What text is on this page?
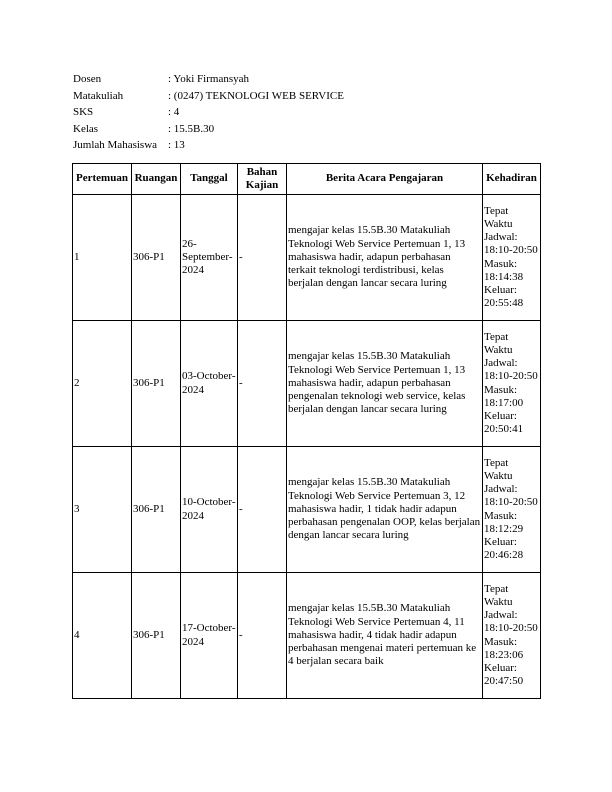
Dosen	: Yoki Firmansyah
Matakuliah	: (0247) TEKNOLOGI WEB SERVICE
SKS	: 4
Kelas	: 15.5B.30
Jumlah Mahasiswa : 13
Pertemuan	Ruangan	Tanggal	Bahan Kajian	Berita Acara Pengajaran	Kehadiran
1	306-P1	26-September-2024	-	mengajar kelas 15.5B.30 Matakuliah Teknologi Web Service Pertemuan 1, 13 mahasiswa hadir, adapun perbahasan terkait teknologi terdistribusi, kelas berjalan dengan lancar secara luring	Tepat Waktu Jadwal: 18:10-20:50 Masuk: 18:14:38 Keluar: 20:55:48
2	306-P1	03-October-2024	-	mengajar kelas 15.5B.30 Matakuliah Teknologi Web Service Pertemuan 1, 13 mahasiswa hadir, adapun perbahasan pengenalan teknologi web service, kelas berjalan dengan lancar secara luring	Tepat Waktu Jadwal: 18:10-20:50 Masuk: 18:17:00 Keluar: 20:50:41
3	306-P1	10-October-2024	-	mengajar kelas 15.5B.30 Matakuliah Teknologi Web Service Pertemuan 3, 12 mahasiswa hadir, 1 tidak hadir adapun perbahasan pengenalan OOP, kelas berjalan dengan lancar secara luring	Tepat Waktu Jadwal: 18:10-20:50 Masuk: 18:12:29 Keluar: 20:46:28
4	306-P1	17-October-2024	-	mengajar kelas 15.5B.30 Matakuliah Teknologi Web Service Pertemuan 4, 11 mahasiswa hadir, 4 tidak hadir adapun perbahasan mengenai materi pertemuan ke 4 berjalan secara baik	Tepat Waktu Jadwal: 18:10-20:50 Masuk: 18:23:06 Keluar: 20:47:50
